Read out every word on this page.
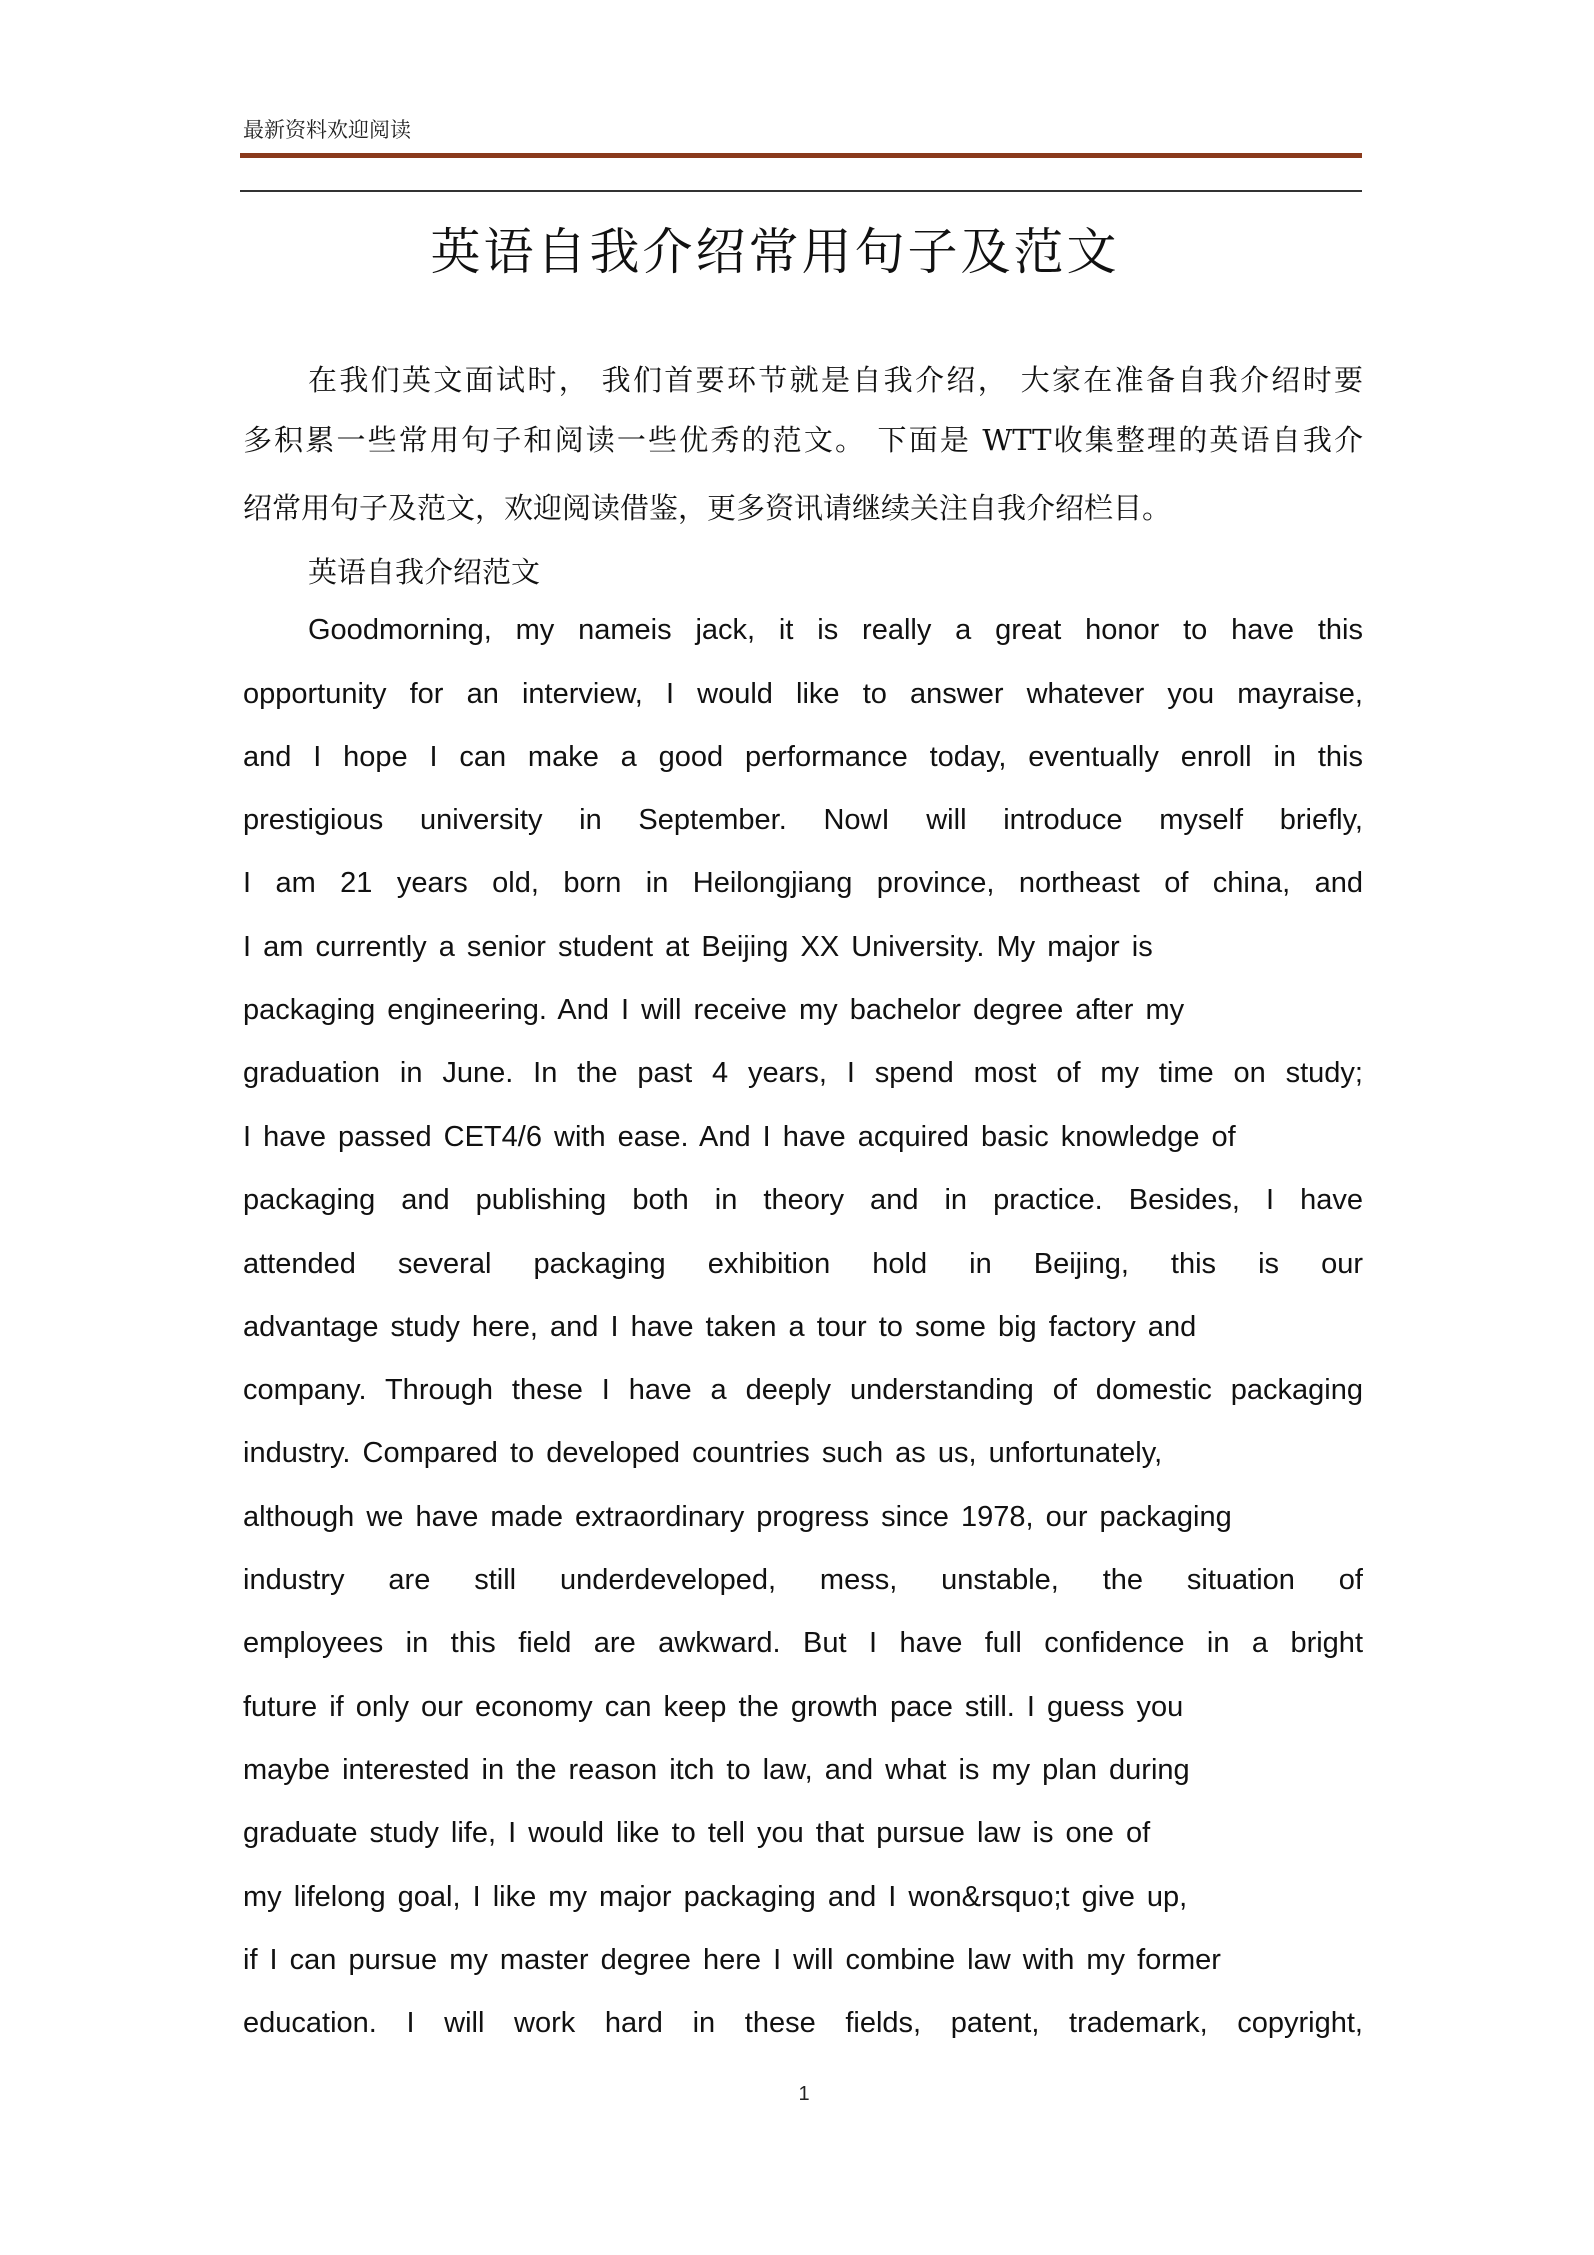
最新资料欢迎阅读
英语自我介绍常用句子及范文
在我们英文面试时， 我们首要环节就是自我介绍， 大家在准备自我介绍时要
多积累一些常用句子和阅读一些优秀的范文。 下面是 WTT收集整理的英语自我介
绍常用句子及范文，欢迎阅读借鉴，更多资讯请继续关注自我介绍栏目。
英语自我介绍范文
Goodmorning, my nameis jack, it is really a great honor to have this
opportunity for an interview, I would like to answer whatever you mayraise,
and I hope I can make a good performance today, eventually enroll in this
prestigious university in September. NowI will introduce myself briefly,
I am 21 years old, born in Heilongjiang province, northeast of china, and
I am currently a senior student at Beijing XX University. My major is
packaging engineering. And I will receive my bachelor degree after my
graduation in June. In the past 4 years, I spend most of my time on study;
I have passed CET4/6 with ease. And I have acquired basic knowledge of
packaging and publishing both in theory and in practice. Besides, I have
attended several packaging exhibition hold in Beijing, this is our
advantage study here, and I have taken a tour to some big factory and
company. Through these I have a deeply understanding of domestic packaging
industry. Compared to developed countries such as us, unfortunately,
although we have made extraordinary progress since 1978, our packaging
industry are still underdeveloped, mess, unstable, the situation of
employees in this field are awkward. But I have full confidence in a bright
future if only our economy can keep the growth pace still. I guess you
maybe interested in the reason itch to law, and what is my plan during
graduate study life, I would like to tell you that pursue law is one of
my lifelong goal, I like my major packaging and I won&rsquo;t give up,
if I can pursue my master degree here I will combine law with my former
education. I will work hard in these fields, patent, trademark, copyright,
1
